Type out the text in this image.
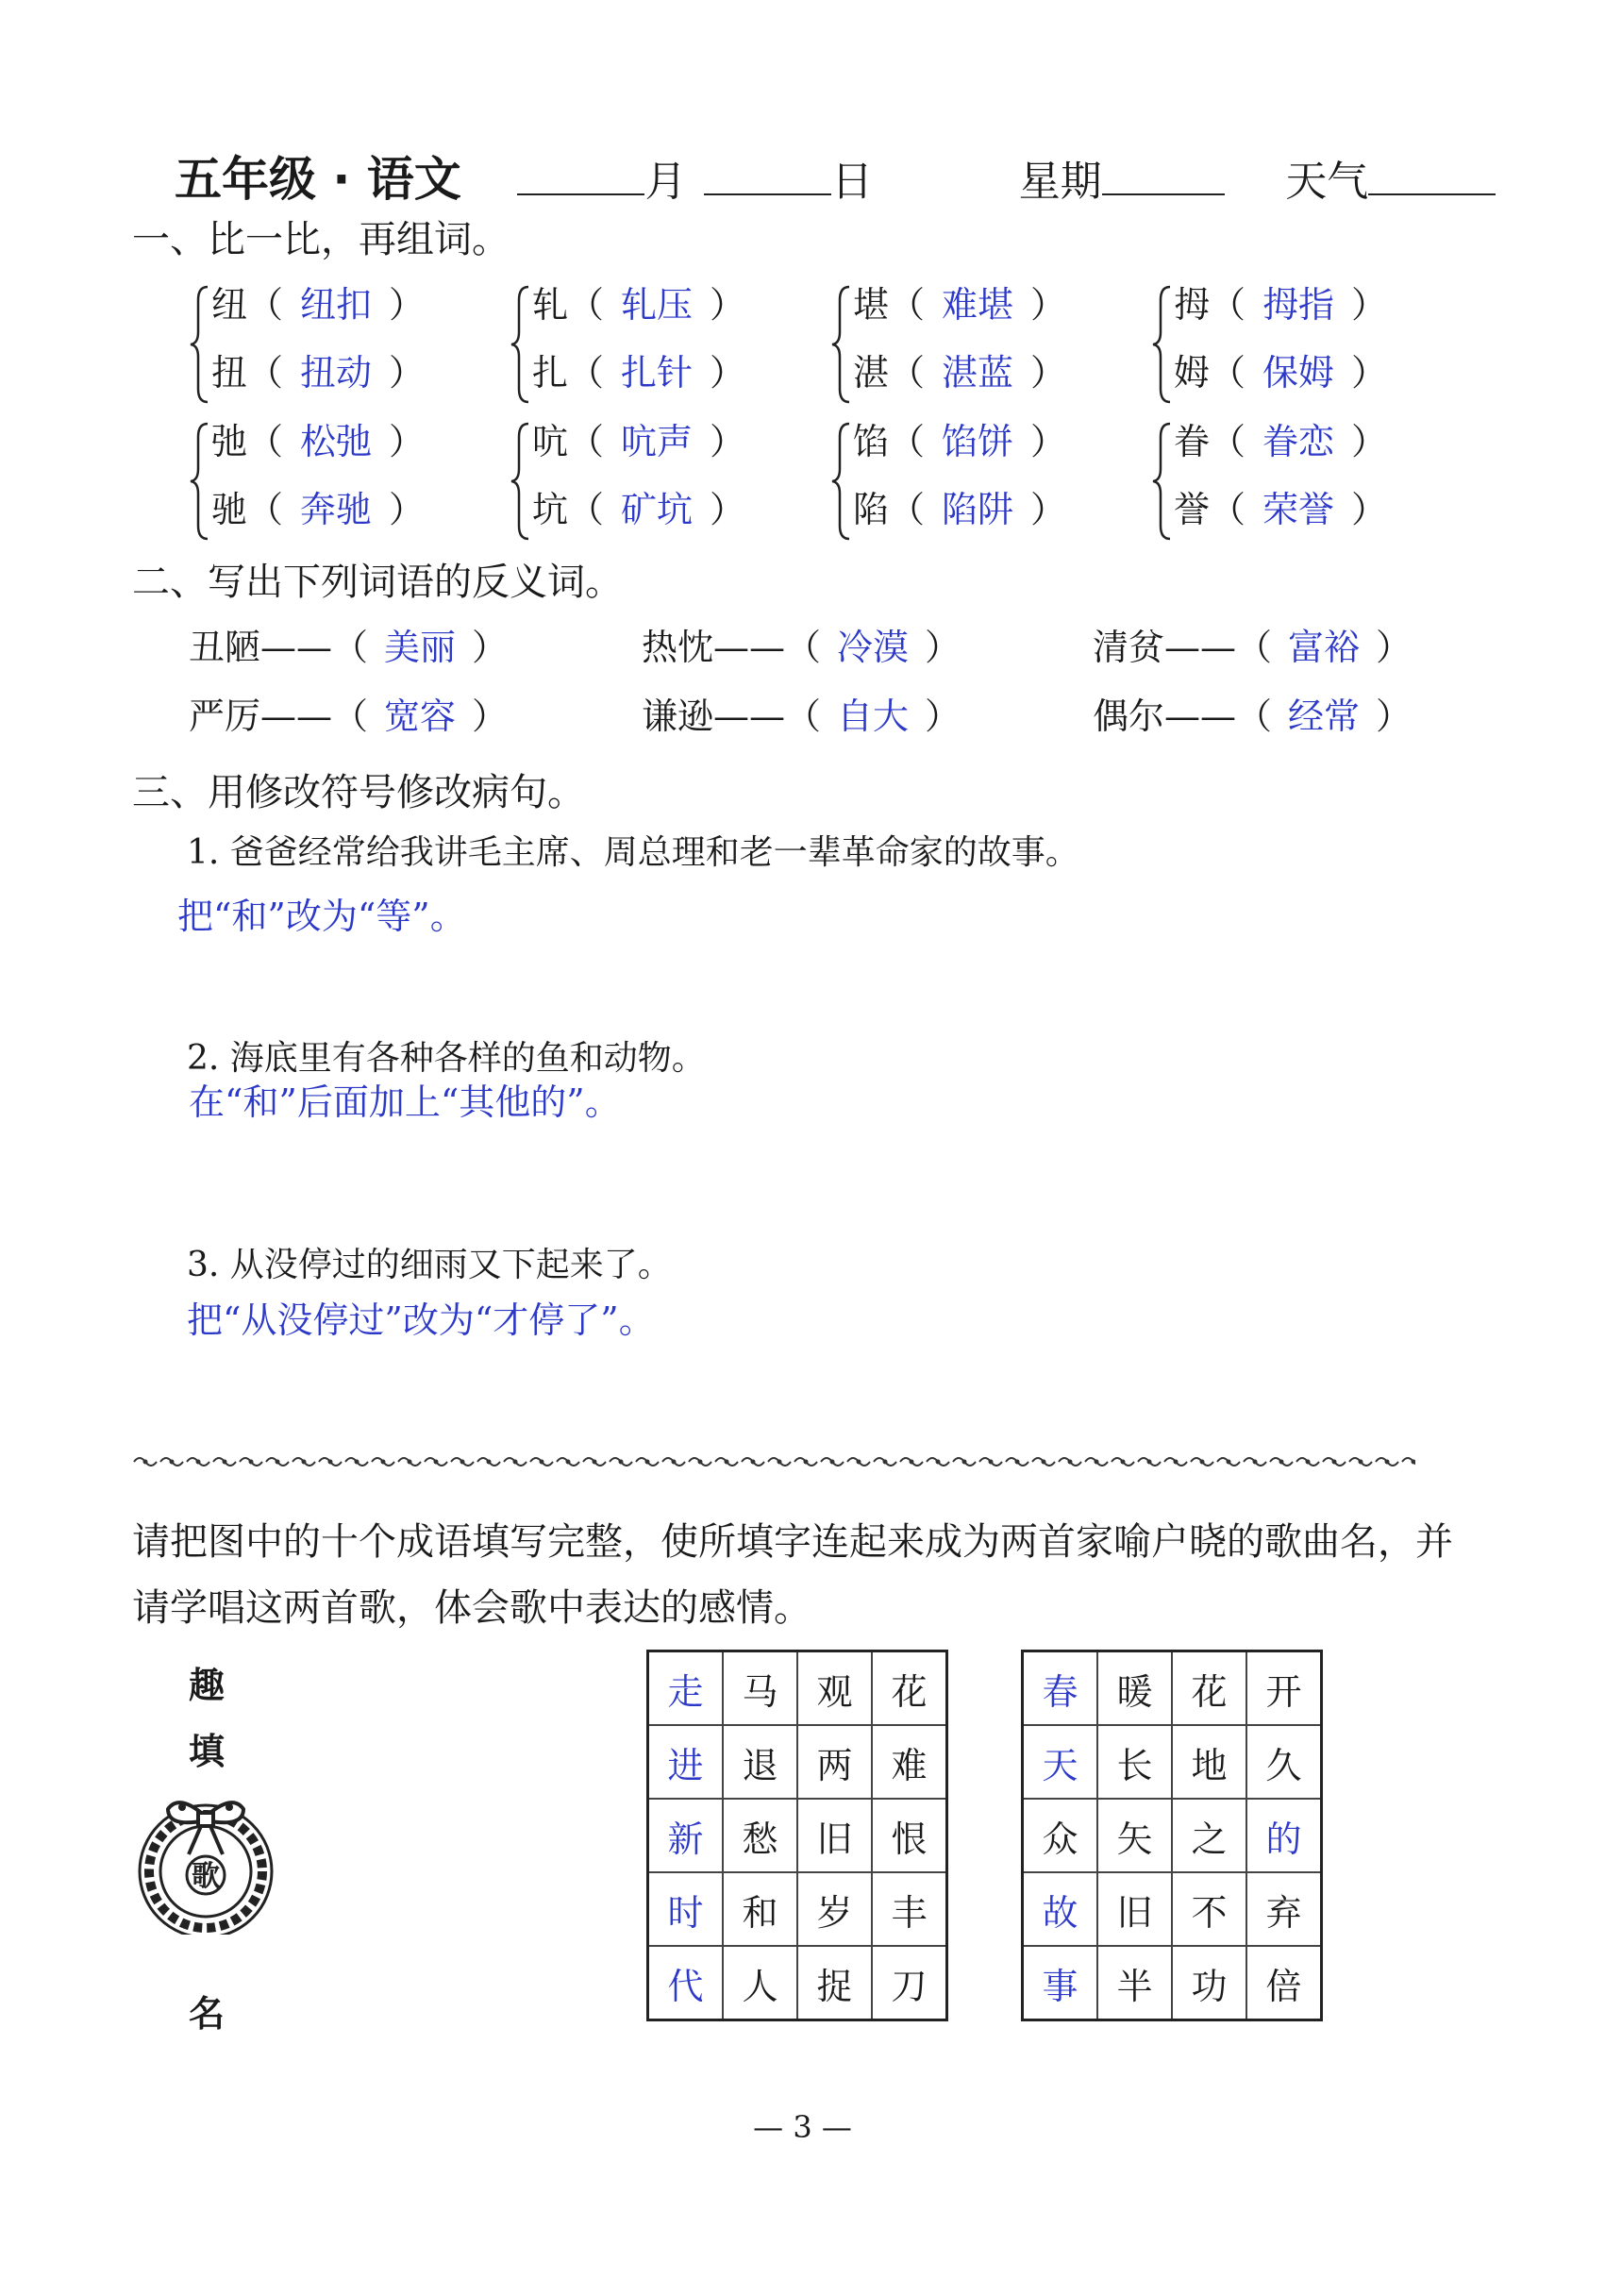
五年级 · 语文	月	日	星期	天气
一、比一比，再组词。
纽（ 纽扣 ）
扭（ 扭动 ）
轧（ 轧压 ）
扎（ 扎针 ）
堪（ 难堪 ）
湛（ 湛蓝 ）
拇（ 拇指 ）
姆（ 保姆 ）
弛（ 松弛 ）
驰（ 奔驰 ）
吭（ 吭声 ）
坑（ 矿坑 ）
馅（ 馅饼 ）
陷（ 陷阱 ）
眷（ 眷恋 ）
誉（ 荣誉 ）
二、写出下列词语的反义词。
丑陋——（ 美丽 ）	热忱——（ 冷漠 ）	清贫——（ 富裕 ）
严厉——（ 宽容 ）	谦逊——（ 自大 ）	偶尔——（ 经常 ）
三、用修改符号修改病句。
1. 爸爸经常给我讲毛主席、周总理和老一辈革命家的故事。
把“和”改为“等”。
2. 海底里有各种各样的鱼和动物。
在“和”后面加上“其他的”。
3. 从没停过的细雨又下起来了。
把“从没停过”改为“才停了”。
请把图中的十个成语填写完整，使所填字连起来成为两首家喻户晓的歌曲名，并
请学唱这两首歌，体会歌中表达的感情。
趣
填
歌
名
走	马	观	花
进	退	两	难
新	愁	旧	恨
时	和	岁	丰
代	人	捉	刀
春	暖	花	开
天	长	地	久
众	矢	之	的
故	旧	不	弃
事	半	功	倍
— 3 —
